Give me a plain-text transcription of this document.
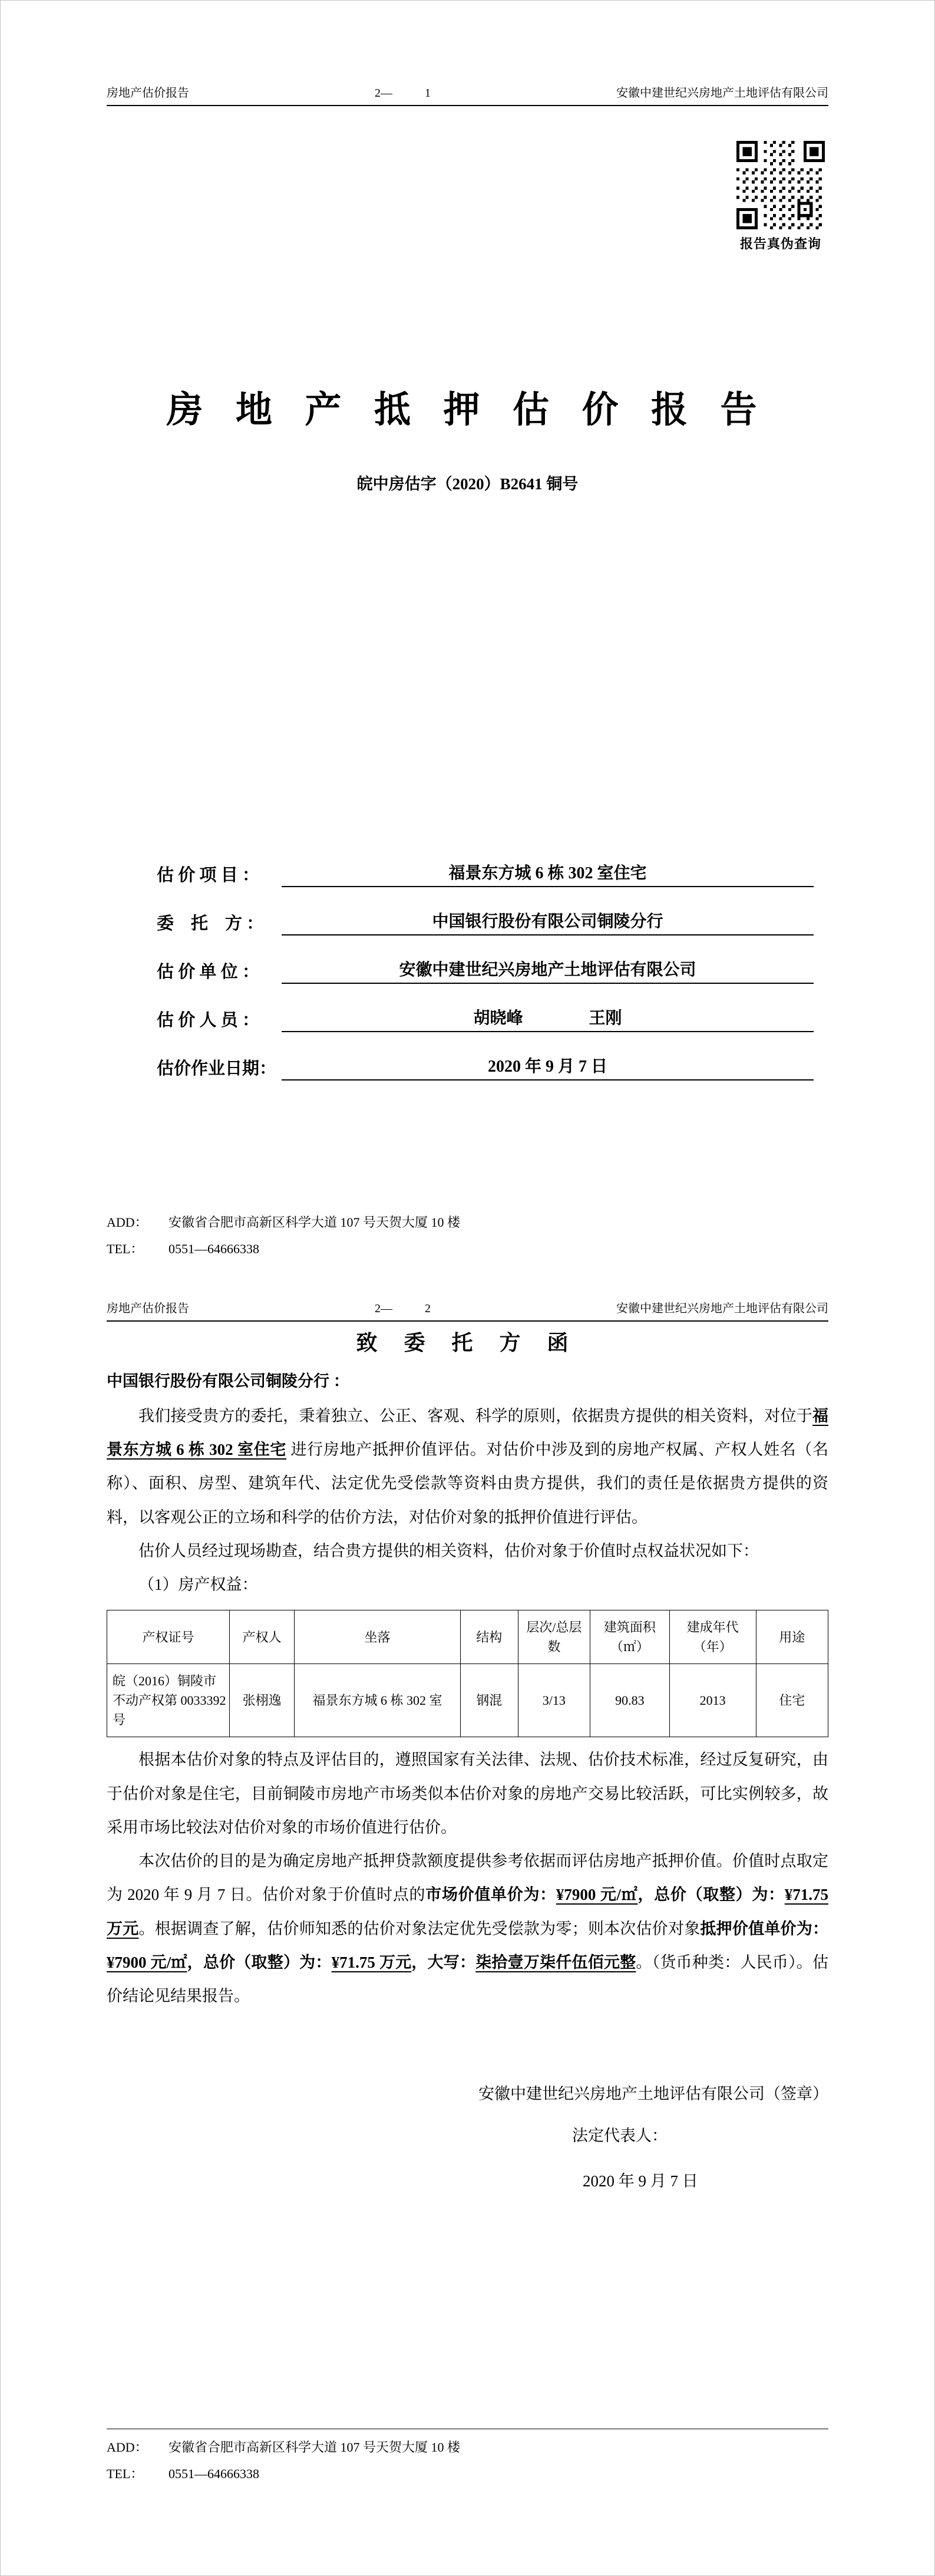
房地产估价报告	2—	1	安徽中建世纪兴房地产土地评估有限公司
报告真伪查询
房 地 产 抵 押 估 价 报 告
皖中房估字（2020）B2641 铜号
估 价 项 目 ：	福景东方城 6 栋 302 室住宅
委    托    方 ：	中国银行股份有限公司铜陵分行
估 价 单 位 ：	安徽中建世纪兴房地产土地评估有限公司
估 价 人 员 ：	胡晓峰　　　　王刚
估价作业日期：	2020 年 9 月 7 日
ADD： 安徽省合肥市高新区科学大道 107 号天贺大厦 10 楼
TEL： 0551—64666338
房地产估价报告	2—	2	安徽中建世纪兴房地产土地评估有限公司
致 委 托 方 函
中国银行股份有限公司铜陵分行 ：

我们接受贵方的委托，秉着独立、公正、客观、科学的原则，依据贵方提供的相关资料，对位于福景东方城 6 栋 302 室住宅 进行房地产抵押价值评估。对估价中涉及到的房地产权属、产权人姓名（名称）、面积、房型、建筑年代、法定优先受偿款等资料由贵方提供，我们的责任是依据贵方提供的资料，以客观公正的立场和科学的估价方法，对估价对象的抵押价值进行评估。

估价人员经过现场勘查，结合贵方提供的相关资料，估价对象于价值时点权益状况如下：

（1）房产权益：

产权证号	产权人	坐落	结构	层次/总层数	建筑面积（㎡）	建成年代（年）	用途
皖（2016）铜陵市不动产权第 0033392 号	张栩逸	福景东方城 6 栋 302 室	钢混	3/13	90.83	2013	住宅

根据本估价对象的特点及评估目的，遵照国家有关法律、法规、估价技术标准，经过反复研究，由于估价对象是住宅，目前铜陵市房地产市场类似本估价对象的房地产交易比较活跃，可比实例较多，故采用市场比较法对估价对象的市场价值进行估价。

本次估价的目的是为确定房地产抵押贷款额度提供参考依据而评估房地产抵押价值。价值时点取定为 2020 年 9 月 7 日。估价对象于价值时点的市场价值单价为：¥7900 元/㎡，总价（取整）为：¥71.75 万元。根据调查了解，估价师知悉的估价对象法定优先受偿款为零；则本次估价对象抵押价值单价为：¥7900 元/㎡，总价（取整）为：¥71.75 万元，大写：柒拾壹万柒仟伍佰元整。（货币种类：人民币）。估价结论见结果报告。

安徽中建世纪兴房地产土地评估有限公司（签章）
法定代表人：
2020 年 9 月 7 日
ADD： 安徽省合肥市高新区科学大道 107 号天贺大厦 10 楼
TEL： 0551—64666338
